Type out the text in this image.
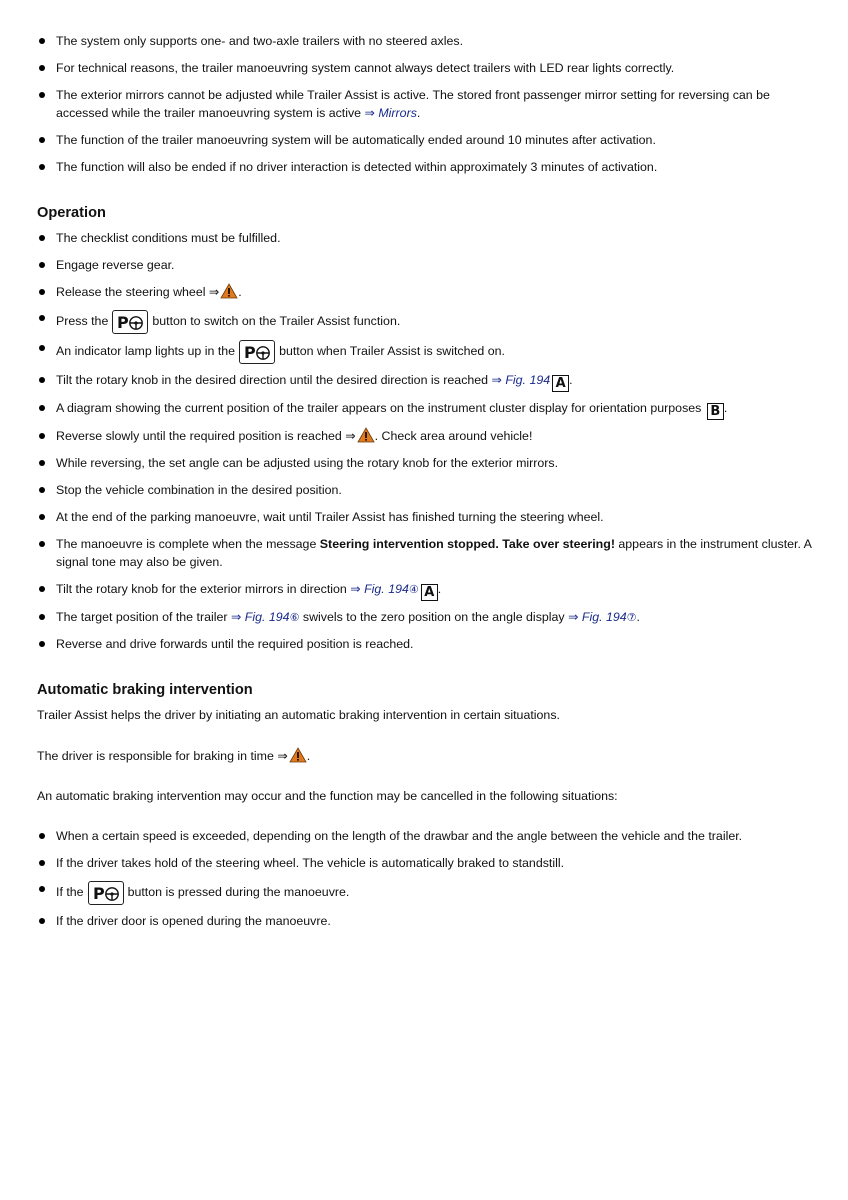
The system only supports one- and two-axle trailers with no steered axles.
For technical reasons, the trailer manoeuvring system cannot always detect trailers with LED rear lights correctly.
The exterior mirrors cannot be adjusted while Trailer Assist is active. The stored front passenger mirror setting for reversing can be accessed while the trailer manoeuvring system is active ⇒ Mirrors.
The function of the trailer manoeuvring system will be automatically ended around 10 minutes after activation.
The function will also be ended if no driver interaction is detected within approximately 3 minutes of activation.
Operation
The checklist conditions must be fulfilled.
Engage reverse gear.
Release the steering wheel ⇒ .
Press the P button to switch on the Trailer Assist function.
An indicator lamp lights up in the P button when Trailer Assist is switched on.
Tilt the rotary knob in the desired direction until the desired direction is reached ⇒ Fig. 194 A .
A diagram showing the current position of the trailer appears on the instrument cluster display for orientation purposes B .
Reverse slowly until the required position is reached ⇒ . Check area around vehicle!
While reversing, the set angle can be adjusted using the rotary knob for the exterior mirrors.
Stop the vehicle combination in the desired position.
At the end of the parking manoeuvre, wait until Trailer Assist has finished turning the steering wheel.
The manoeuvre is complete when the message Steering intervention stopped. Take over steering! appears in the instrument cluster. A signal tone may also be given.
Tilt the rotary knob for the exterior mirrors in direction ⇒ Fig. 194④ A .
The target position of the trailer ⇒ Fig. 194⑥ swivels to the zero position on the angle display ⇒ Fig. 194⑦.
Reverse and drive forwards until the required position is reached.
Automatic braking intervention

Trailer Assist helps the driver by initiating an automatic braking intervention in certain situations.

The driver is responsible for braking in time ⇒ .

An automatic braking intervention may occur and the function may be cancelled in the following situations:

When a certain speed is exceeded, depending on the length of the drawbar and the angle between the vehicle and the trailer.
If the driver takes hold of the steering wheel. The vehicle is automatically braked to standstill.
If the P button is pressed during the manoeuvre.
If the driver door is opened during the manoeuvre.
